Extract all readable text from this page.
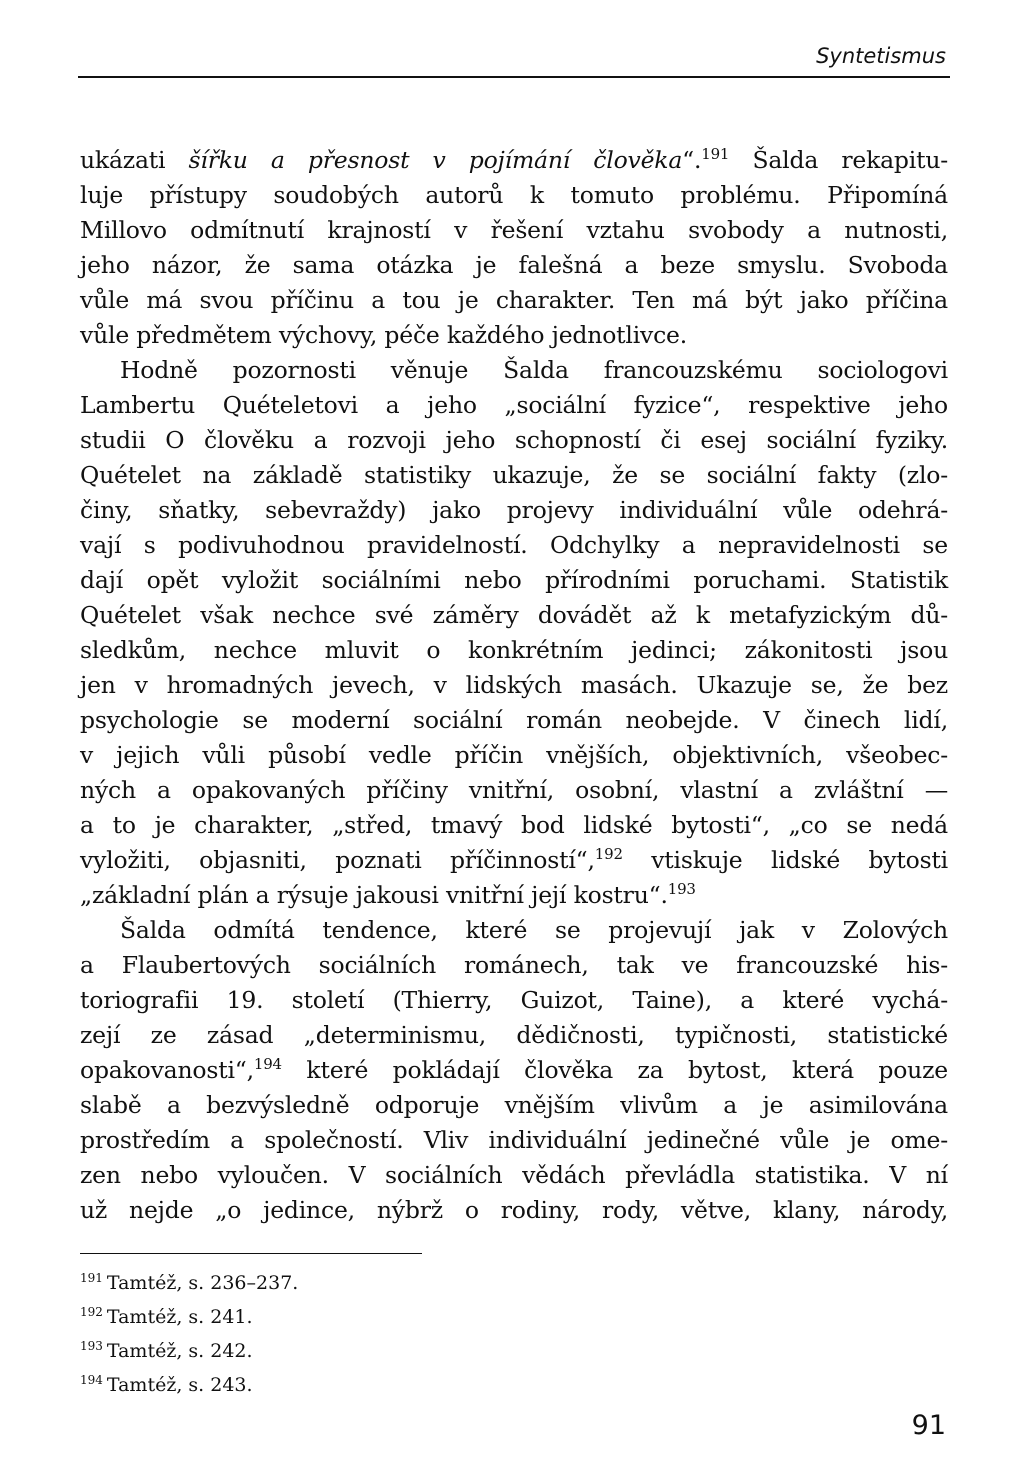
Syntetismus
ukázati šířku a přesnost v pojímání člověka“.$^{191}$ Šalda rekapitu-
luje přístupy soudobých autorů k tomuto problému. Připomíná
Millovo odmítnutí krajností v řešení vztahu svobody a nutnosti,
jeho názor, že sama otázka je falešná a beze smyslu. Svoboda
vůle má svou příčinu a tou je charakter. Ten má být jako příčina
vůle předmětem výchovy, péče každého jednotlivce.
Hodně pozornosti věnuje Šalda francouzskému sociologovi
Lambertu Quételetovi a jeho „sociální fyzice“, respektive jeho
studii O člověku a rozvoji jeho schopností či esej sociální fyziky.
Quételet na základě statistiky ukazuje, že se sociální fakty (zlo-
činy, sňatky, sebevraždy) jako projevy individuální vůle odehrá-
vají s podivuhodnou pravidelností. Odchylky a nepravidelnosti se
dají opět vyložit sociálními nebo přírodními poruchami. Statistik
Quételet však nechce své záměry dovádět až k metafyzickým dů-
sledkům, nechce mluvit o konkrétním jedinci; zákonitosti jsou
jen v hromadných jevech, v lidských masách. Ukazuje se, že bez
psychologie se moderní sociální román neobejde. V činech lidí,
v jejich vůli působí vedle příčin vnějších, objektivních, všeobec-
ných a opakovaných příčiny vnitřní, osobní, vlastní a zvláštní —
a to je charakter, „střed, tmavý bod lidské bytosti“, „co se nedá
vyložiti, objasniti, poznati příčinností“,$^{192}$ vtiskuje lidské bytosti
„základní plán a rýsuje jakousi vnitřní její kostru“.$^{193}$
Šalda odmítá tendence, které se projevují jak v Zolových
a Flaubertových sociálních románech, tak ve francouzské his-
toriografii 19. století (Thierry, Guizot, Taine), a které vychá-
zejí ze zásad „determinismu, dědičnosti, typičnosti, statistické
opakovanosti“,$^{194}$ které pokládají člověka za bytost, která pouze
slabě a bezvýsledně odporuje vnějším vlivům a je asimilována
prostředím a společností. Vliv individuální jedinečné vůle je ome-
zen nebo vyloučen. V sociálních vědách převládla statistika. V ní
už nejde „o jedince, nýbrž o rodiny, rody, větve, klany, národy,
$^{191}$ Tamtéž, s. 236–237.
$^{192}$ Tamtéž, s. 241.
$^{193}$ Tamtéž, s. 242.
$^{194}$ Tamtéž, s. 243.
91
